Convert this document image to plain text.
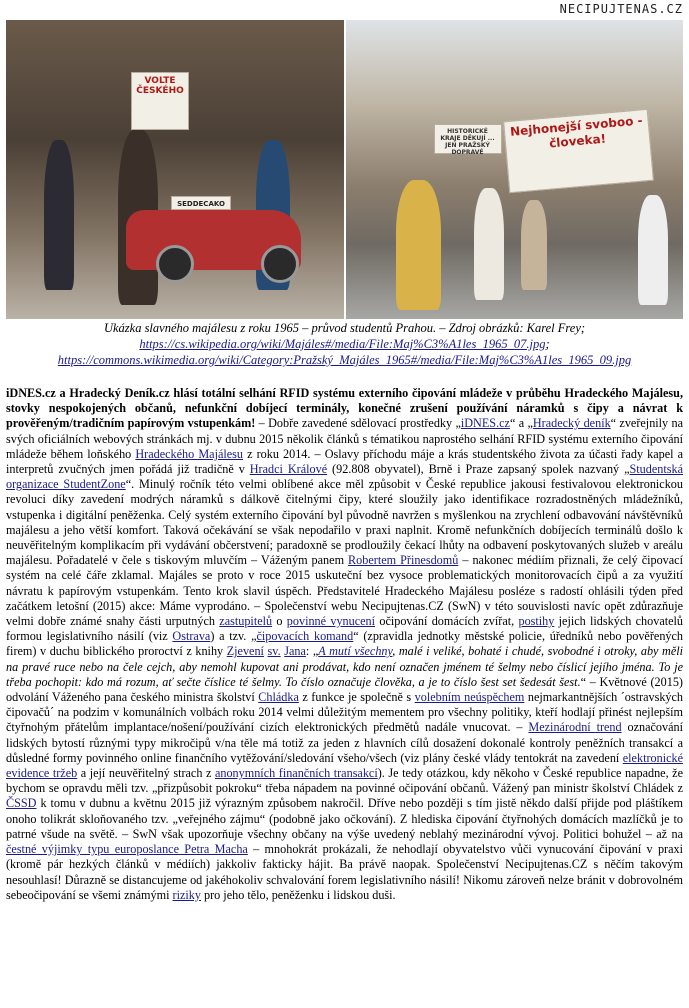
NECIPUJTENAS.CZ
VOLTE ČESKÉHO
SEDDECAKO
HISTORICKÉ KRAJE DĚKUJÍ ... JEN PRAŽSKÝ DOPRAVÉ
Nejhonejší svoboo - človeka!
Ukázka slavného majálesu z roku 1965 – průvod studentů Prahou. – Zdroj obrázků: Karel Frey;
https://cs.wikipedia.org/wiki/Majáles#/media/File:Maj%C3%A1les_1965_07.jpg;
https://commons.wikimedia.org/wiki/Category:Pražský_Majáles_1965#/media/File:Maj%C3%A1les_1965_09.jpg
iDNES.cz a Hradecký Deník.cz hlásí totální selhání RFID systému externího čipování mládeže v průběhu Hradeckého Majálesu, stovky nespokojených občanů, nefunkční dobíjecí terminály, konečné zrušení používání náramků s čipy a návrat k prověřeným/tradičním papírovým vstupenkám! – Dobře zavedené sdělovací prostředky „iDNES.cz“ a „Hradecký deník“ zveřejnily na svých oficiálních webových stránkách mj. v dubnu 2015 několik článků s tématikou naprostého selhání RFID systému externího čipování mládeže během loňského Hradeckého Majálesu z roku 2014. – Oslavy příchodu máje a krás studentského života za účasti řady kapel a interpretů zvučných jmen pořádá již tradičně v Hradci Králové (92.808 obyvatel), Brně i Praze zapsaný spolek nazvaný „Studentská organizace StudentZone“. Minulý ročník této velmi oblíbené akce měl způsobit v České republice jakousi festivalovou elektronickou revoluci díky zavedení modrých náramků s dálkově čitelnými čipy, které sloužily jako identifikace rozradostněných mládežníků, vstupenka i digitální peněženka. Celý systém externího čipování byl původně navržen s myšlenkou na zrychlení odbavování návštěvníků majálesu a jeho větší komfort. Taková očekávání se však nepodařilo v praxi naplnit. Kromě nefunkčních dobíjecích terminálů došlo k neuvěřitelným komplikacím při vydávání občerstvení; paradoxně se prodloužily čekací lhůty na odbavení poskytovaných služeb v areálu majálesu. Pořadatelé v čele s tiskovým mluvčím – Váženým panem Robertem Přinesdomů – nakonec médiím přiznali, že celý čipovací systém na celé čáře zklamal. Majáles se proto v roce 2015 uskuteční bez vysoce problematických monitorovacích čipů a za využití návratu k papírovým vstupenkám. Tento krok slavil úspěch. Představitelé Hradeckého Majálesu posléze s radostí ohlásili týden před začátkem letošní (2015) akce: Máme vyprodáno. – Společenství webu Necipujtenas.CZ (SwN) v této souvislosti navíc opět zdůrazňuje velmi dobře známé snahy části urputných zastupitelů o povinné vynucení očipování domácích zvířat, postihy jejich lidských chovatelů formou legislativního násilí (viz Ostrava) a tzv. „čipovacích komand“ (zpravidla jednotky městské policie, úředníků nebo pověřených firem) v duchu biblického proroctví z knihy Zjevení sv. Jana: „A mutí všechny, malé i veliké, bohaté i chudé, svobodné i otroky, aby měli na pravé ruce nebo na čele cejch, aby nemohl kupovat ani prodávat, kdo není označen jménem té šelmy nebo číslicí jejího jména. To je třeba pochopit: kdo má rozum, ať sečte číslice té šelmy. To číslo označuje člověka, a je to číslo šest set šedesát šest.“ – Květnové (2015) odvolání Váženého pana českého ministra školství Chládka z funkce je společně s volebním neúspěchem nejmarkantnějších ´ostravských čipovačů´ na podzim v komunálních volbách roku 2014 velmi důležitým mementem pro všechny politiky, kteří hodlají přinést nejlepším čtyřnohým přátelům implantace/nošení/používání cizích elektronických předmětů nadále vnucovat. – Mezinárodní trend označování lidských bytostí různými typy mikročipů v/na těle má totiž za jeden z hlavních cílů dosažení dokonalé kontroly peněžních transakcí a důsledné formy povinného online finančního vytěžování/sledování všeho/všech (viz plány české vlády tentokrát na zavedení elektronické evidence tržeb a její neuvěřitelný strach z anonymních finančních transakcí). Je tedy otázkou, kdy někoho v České republice napadne, že bychom se opravdu měli tzv. „přizpůsobit pokroku“ třeba nápadem na povinné očipování občanů. Vážený pan ministr školství Chládek z ČSSD k tomu v dubnu a květnu 2015 již výrazným způsobem nakročil. Dříve nebo později s tím jistě někdo další přijde pod pláštíkem onoho tolikrát skloňovaného tzv. „veřejného zájmu“ (podobně jako očkování). Z hlediska čipování čtyřnohých domácích mazlíčků je to patrné všude na světě. – SwN však upozorňuje všechny občany na výše uvedený neblahý mezinárodní vývoj. Politici bohužel – až na čestné výjimky typu europoslance Petra Macha – mnohokrát prokázali, že nehodlají obyvatelstvo vůči vynucování čipování v praxi (kromě pár hezkých článků v médiích) jakkoliv fakticky hájit. Ba právě naopak. Společenství Necipujtenas.CZ s něčím takovým nesouhlasí! Důrazně se distancujeme od jakéhokoliv schvalování forem legislativního násilí! Nikomu zároveň nelze bránit v dobrovolném sebeočipování se všemi známými riziky pro jeho tělo, peněženku i lidskou duši.
